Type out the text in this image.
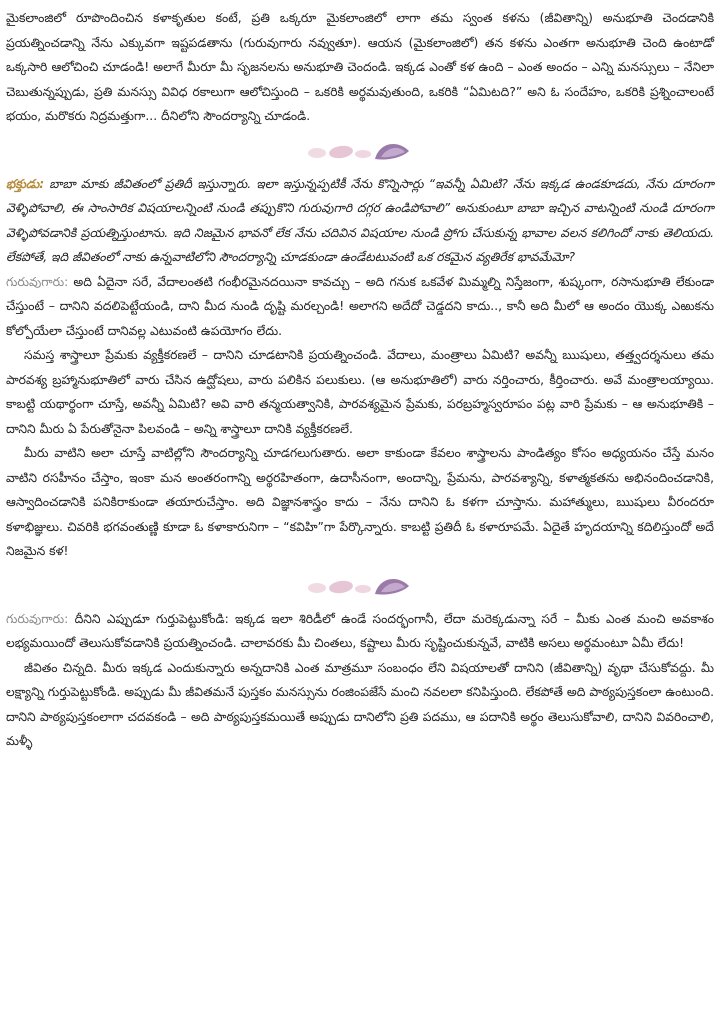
మైకలాంజిలో రూపొందించిన కళాకృతుల కంటే, ప్రతి ఒక్కరూ మైకలాంజిలో లాగా తమ స్వంత కళను (జీవితాన్ని) అనుభూతి చెందడానికి ప్రయత్నించడాన్ని నేను ఎక్కువగా ఇష్టపడతాను (గురువుగారు నవ్వుతూ). ఆయన (మైకలాంజిలో) తన కళను ఎంతగా అనుభూతి చెంది ఉంటాడో ఒక్కసారి ఆలోచించి చూడండి! అలాగే మీరూ మీ సృజనలను అనుభూతి చెందండి. ఇక్కడ ఎంతో కళ ఉంది – ఎంత అందం – ఎన్ని మనస్సులు – నేనిలా చెబుతున్నప్పుడు, ప్రతి మనస్సు వివిధ రకాలుగా ఆలోచిస్తుంది – ఒకరికి అర్థమవుతుంది, ఒకరికి “ఏమిటది?” అని ఓ సందేహం, ఒకరికి ప్రశ్నించాలంటే భయం, మరొకరు నిద్రమత్తుగా... దీనిలోని సౌందర్యాన్ని చూడండి.

భక్తుడు: బాబా మాకు జీవితంలో ప్రతిదీ ఇస్తున్నారు. ఇలా ఇస్తున్నప్పటికీ నేను కొన్నిసార్లు “ఇవన్నీ ఏమిటి? నేను ఇక్కడ ఉండకూడదు, నేను దూరంగా వెళ్ళిపోవాలి, ఈ సాంసారిక విషయాలన్నింటి నుండి తప్పుకొని గురువుగారి దగ్గర ఉండిపోవాలి” అనుకుంటూ బాబా ఇచ్చిన వాటన్నింటి నుండి దూరంగా వెళ్ళిపోవడానికి ప్రయత్నిస్తుంటాను. ఇది నిజమైన భావనో లేక నేను చదివిన విషయాల నుండి ప్రోగు చేసుకున్న భావాల వలన కలిగిందో నాకు తెలియదు. లేకపోతే, ఇది జీవితంలో నాకు ఉన్నవాటిలోని సౌందర్యాన్ని చూడకుండా ఉండేటటువంటి ఒక రకమైన వ్యతిరేక భావమేమో?

గురువుగారు: అది ఏదైనా సరే, వేదాలంతటి గంభీరమైనదయినా కావచ్చు – అది గనుక ఒకవేళ మిమ్మల్ని నిస్తేజంగా, శుష్కంగా, రసానుభూతి లేకుండా చేస్తుంటే – దానిని వదలిపెట్టేయండి, దాని మీద నుండి దృష్టి మరల్చండి! అలాగని అదేదో చెడ్డదని కాదు.., కానీ అది మీలో ఆ అందం యొక్క ఎఱుకను కోల్పోయేలా చేస్తుంటే దానివల్ల ఎటువంటి ఉపయోగం లేదు.

సమస్త శాస్త్రాలూ ప్రేమకు వ్యక్తీకరణలే – దానిని చూడటానికి ప్రయత్నించండి. వేదాలు, మంత్రాలు ఏమిటి? అవన్నీ ఋషులు, తత్త్వదర్శనులు తమ పారవశ్య బ్రహ్మానుభూతిలో వారు చేసిన ఉద్ఘోషలు, వారు పలికిన పలుకులు. (ఆ అనుభూతిలో) వారు నర్తించారు, కీర్తించారు. అవే మంత్రాలయ్యాయి. కాబట్టి యథార్థంగా చూస్తే, అవన్నీ ఏమిటి? అవి వారి తన్మయత్వానికి, పారవశ్యమైన ప్రేమకు, పరబ్రహ్మస్వరూపం పట్ల వారి ప్రేమకు – ఆ అనుభూతికి – దానిని మీరు ఏ పేరుతోనైనా పిలవండి – అన్ని శాస్త్రాలూ దానికి వ్యక్తీకరణలే.

మీరు వాటిని అలా చూస్తే వాటిల్లోని సౌందర్యాన్ని చూడగలుగుతారు. అలా కాకుండా కేవలం శాస్త్రాలను పాండిత్యం కోసం అధ్యయనం చేస్తే మనం వాటిని రసహీనం చేస్తాం, ఇంకా మన అంతరంగాన్ని అర్థరహితంగా, ఉదాసీనంగా, అందాన్ని, ప్రేమను, పారవశ్యాన్ని, కళాత్మకతను అభినందించడానికి, ఆస్వాదించడానికి పనికిరాకుండా తయారుచేస్తాం. అది విజ్ఞానశాస్త్రం కాదు – నేను దానిని ఓ కళగా చూస్తాను. మహాత్ములు, ఋషులు వీరందరూ కళాభిజ్ఞులు. చివరికి భగవంతుణ్ణి కూడా ఓ కళాకారునిగా – “కవిహి”గా పేర్కొన్నారు. కాబట్టి ప్రతిదీ ఓ కళారూపమే. ఏదైతే హృదయాన్ని కదిలిస్తుందో అదే నిజమైన కళ!

గురువుగారు: దీనిని ఎప్పుడూ గుర్తుపెట్టుకోండి: ఇక్కడ ఇలా శిరిడీలో ఉండే సందర్భంగానీ, లేదా మరెక్కడున్నా సరే – మీకు ఎంత మంచి అవకాశం లభ్యమయిందో తెలుసుకోవడానికి ప్రయత్నించండి. చాలావరకు మీ చింతలు, కష్టాలు మీరు సృష్టించుకున్నవే, వాటికి అసలు అర్థమంటూ ఏమీ లేదు!

జీవితం చిన్నది. మీరు ఇక్కడ ఎందుకున్నారు అన్నదానికి ఎంత మాత్రమూ సంబంధం లేని విషయాలతో దానిని (జీవితాన్ని) వృథా చేసుకోవద్దు. మీ లక్ష్యాన్ని గుర్తుపెట్టుకోండి. అప్పుడు మీ జీవితమనే పుస్తకం మనస్సును రంజింపజేసే మంచి నవలలా కనిపిస్తుంది. లేకపోతే అది పాఠ్యపుస్తకంలా ఉంటుంది. దానిని పాఠ్యపుస్తకంలాగా చదవకండి – అది పాఠ్యపుస్తకమయితే అప్పుడు దానిలోని ప్రతి పదము, ఆ పదానికి అర్థం తెలుసుకోవాలి, దానిని వివరించాలి, మళ్ళీ
